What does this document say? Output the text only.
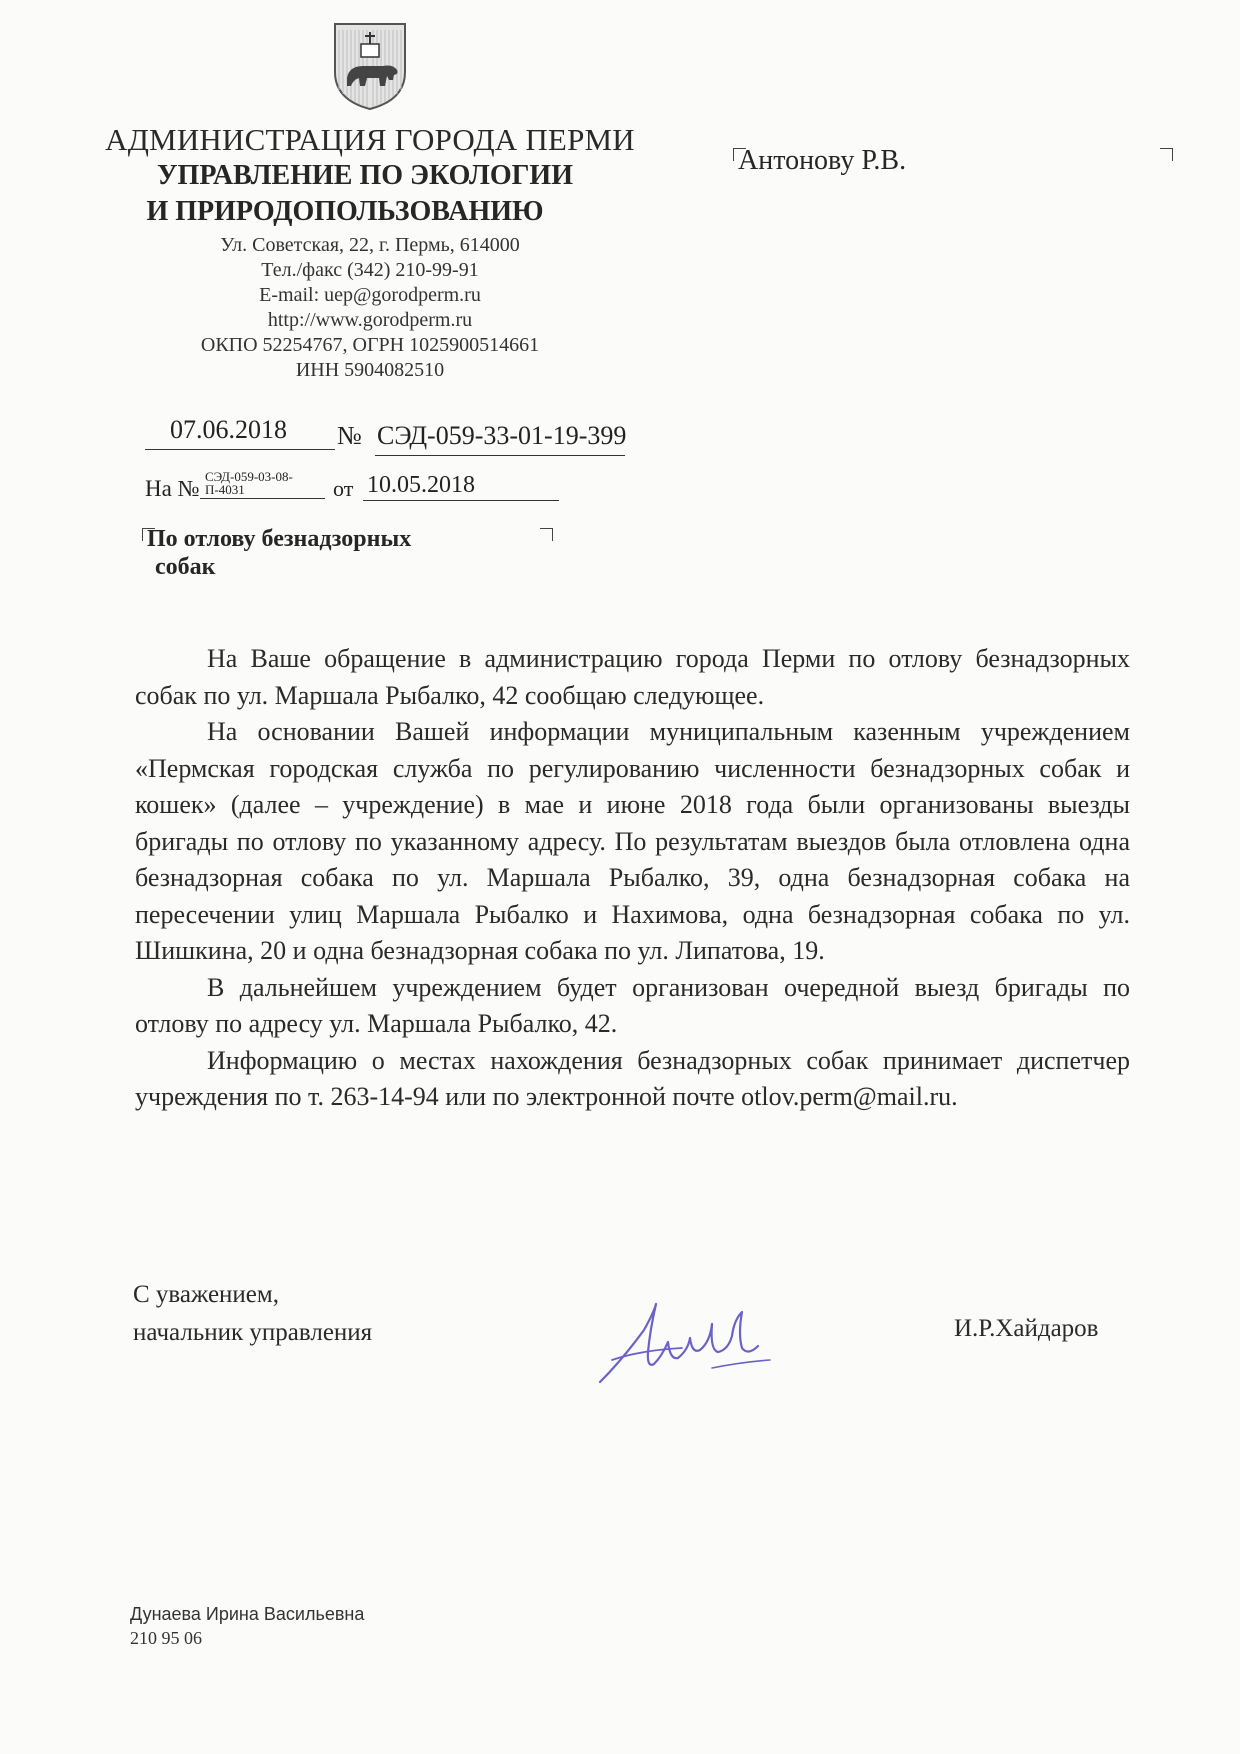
АДМИНИСТРАЦИЯ ГОРОДА ПЕРМИ
УПРАВЛЕНИЕ ПО ЭКОЛОГИИ
И ПРИРОДОПОЛЬЗОВАНИЮ
Ул. Советская, 22, г. Пермь, 614000
Тел./факс (342) 210-99-91
E-mail: uep@gorodperm.ru
http://www.gorodperm.ru
ОКПО 52254767, ОГРН 1025900514661
ИНН 5904082510
Антонову Р.В.
07.06.2018 № СЭД-059-33-01-19-399
На № СЭД-059-03-08-П-4031	от 10.05.2018
По отлову безнадзорных
собак

На Ваше обращение в администрацию города Перми по отлову безнадзорных собак по ул. Маршала Рыбалко, 42 сообщаю следующее.

На основании Вашей информации муниципальным казенным учреждением «Пермская городская служба по регулированию численности безнадзорных собак и кошек» (далее – учреждение) в мае и июне 2018 года были организованы выезды бригады по отлову по указанному адресу. По результатам выездов была отловлена одна безнадзорная собака по ул. Маршала Рыбалко, 39, одна безнадзорная собака на пересечении улиц Маршала Рыбалко и Нахимова, одна безнадзорная собака по ул. Шишкина, 20 и одна безнадзорная собака по ул. Липатова, 19.

В дальнейшем учреждением будет организован очередной выезд бригады по отлову по адресу ул. Маршала Рыбалко, 42.

Информацию о местах нахождения безнадзорных собак принимает диспетчер учреждения по т. 263-14-94 или по электронной почте otlov.perm@mail.ru.

С уважением,
начальник управления	И.Р.Хайдаров
Дунаева Ирина Васильевна
210 95 06
